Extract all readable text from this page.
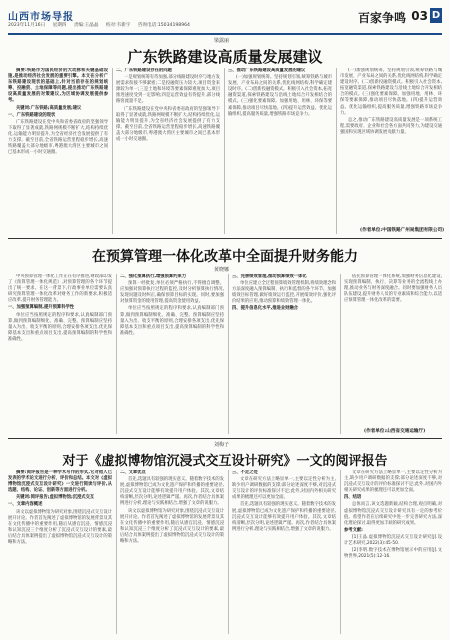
山西市场导报
2023年11月16日 星期四 责编:王晶晶 校对:韦新宇 咨询电话:15034198964
百家争鸣 03 D
梁露丽
广东铁路建设高质量发展建议

摘要:铁路作为国民经济的大动脉和关键基础设施,是推动经济社会发展的重要引擎。本文在分析广东铁路建设现状的基础上,针对当前存在的规划统筹、投融资、土地保障等问题,提出推动广东铁路建设高质量发展的对策建议,为区域协调发展提供参考。

关键词:广东铁路;高质量发展;建议

一、广东铁路建设的现状

广东铁路建设在党中央和省委省政府的坚强领导下取得了显著成就,铁路网规模不断扩大,结构持续优化,运输能力明显提升,为全省经济社会发展提供了有力支撑。截至目前,全省铁路运营里程稳步增长,高速铁路覆盖大部分地级市,粤港澳大湾区主要城市之间已基本形成一小时交通圈。

二、广东铁路建设存在的问题

一是规划统筹有待加强,部分线路建设时序与地方发展需求衔接不够紧密;二是投融资压力较大,项目资金来源较为单一;三是土地和环境等要素保障难度加大,项目推进速度受到一定影响;四是运营效益有待提升,部分线路客流量不足。

广东铁路建设在党中央和省委省政府的坚强领导下取得了显著成就,铁路网规模不断扩大,结构持续优化,运输能力明显提升,为全省经济社会发展提供了有力支撑。截至目前,全省铁路运营里程稳步增长,高速铁路覆盖大部分地级市,粤港澳大湾区主要城市之间已基本形成一小时交通圈。

三、推动广东铁路建设高质量发展的建议

(一)加强规划统筹。坚持规划引领,统筹铁路与城市发展、产业布局之间的关系,优化线网结构,科学确定建设时序。(二)创新投融资模式。积极引入社会资本,拓宽融资渠道,探索铁路建设与沿线土地综合开发相结合的模式。(三)强化要素保障。加强用地、用林、环保等要素保障,推动项目尽快落地。(四)提升运营效益。优化运输组织,提高服务质量,增强铁路市场竞争力。

(一)加强规划统筹。坚持规划引领,统筹铁路与城市发展、产业布局之间的关系,优化线网结构,科学确定建设时序。(二)创新投融资模式。积极引入社会资本,拓宽融资渠道,探索铁路建设与沿线土地综合开发相结合的模式。(三)强化要素保障。加强用地、用林、环保等要素保障,推动项目尽快落地。(四)提升运营效益。优化运输组织,提高服务质量,增强铁路市场竞争力。

总之,推动广东铁路建设高质量发展是一项系统工程,需要政府、企业和社会各方面共同努力,为建设交通强国和实现区域协调发展贡献力量。

(作者单位:中国铁路广州局集团有限公司)
在预算管理一体化改革中全面提升财务能力
黄晓娜

中央预算管理一体化工作正在有序推进,财政部印发了《预算管理一体化规范》,对预算管理的各个环节提出了统一要求。在这一背景下,行政事业单位需要认真研究预算管理一体化改革对财务工作的新要求,积极适应改革,提升财务管理能力。

一、加强预算编制,提升预算科学性

单位应当按照规定的程序和要求,认真编制部门预算,做到预算编制细化、准确、完整。预算编制应坚持量入为出、收支平衡的原则,合理安排各项支出,优先保障基本支出和重点项目支出,提高预算编制的科学性和准确性。

二、强化预算执行,增强预算约束力

预算一经批复,单位必须严格执行,不得擅自调整。应加强对预算执行过程的监控,及时分析预算执行情况,发现问题及时纠正,确保预算目标的实现。同时,要加强对预算资金的使用管理,提高资金使用效益。

单位应当按照规定的程序和要求,认真编制部门预算,做到预算编制细化、准确、完整。预算编制应坚持量入为出、收支平衡的原则,合理安排各项支出,优先保障基本支出和重点项目支出,提高预算编制的科学性和准确性。

三、完善绩效管理,推动预算绩效一体化

单位应建立全过程预算绩效管理机制,将绩效理念和方法深度融入预算编制、执行和监督的各个环节。加强绩效目标管理,做好绩效运行监控,开展绩效评价,强化评价结果的应用,推动预算和绩效管理一体化。

四、提升信息化水平,推进业财融合

依托预算管理一体化系统,加强财务信息化建设,实现预算编制、执行、决算等业务的全流程线上办理,推动业务与财务深度融合。同时要加强财务人员队伍建设,提升财务人员的专业素质和综合能力,以适应预算管理一体化改革的需要。

(作者单位:山西省交通运输厅)
刘梅子
对于《虚拟博物馆沉浸式交互设计研究》一文的阅评报告

摘要:阅评报告是一种学术写作的形式,它对他人已发表的学术论文进行分析、评价和总结。本文对《虚拟博物馆沉浸式交互设计研究》一文进行阅读与评价,从选题、结构、论证、创新等方面进行分析。

关键词:阅评报告;虚拟博物馆;沉浸式交互

一、文章内容概述

该文以虚拟博物馆为研究对象,围绕沉浸式交互设计展开讨论。作者首先阐述了虚拟博物馆的发展背景及其在文化传播中的重要作用,随后从感官沉浸、情感沉浸和认知沉浸三个维度分析了沉浸式交互设计的要素,最后结合具体案例提出了虚拟博物馆沉浸式交互设计的策略和方法。

二、文章优点

首先,选题具有较强的现实意义。随着数字技术的发展,虚拟博物馆已成为文化遗产保护和传播的重要途径,沉浸式交互设计能够有效提升用户体验。其次,文章结构清晰,层次分明,论述逻辑严谨。再次,作者结合具体案例进行分析,理论与实践相结合,增强了文章的说服力。

该文以虚拟博物馆为研究对象,围绕沉浸式交互设计展开讨论。作者首先阐述了虚拟博物馆的发展背景及其在文化传播中的重要作用,随后从感官沉浸、情感沉浸和认知沉浸三个维度分析了沉浸式交互设计的要素,最后结合具体案例提出了虚拟博物馆沉浸式交互设计的策略和方法。

三、不足之处

文章在研究方法上略显单一,主要以定性分析为主,缺少用户调研数据的支撑;部分论述深度不够,对沉浸式交互设计的评价标准探讨不足;此外,对国内外相关研究成果的梳理还可以更加全面。

首先,选题具有较强的现实意义。随着数字技术的发展,虚拟博物馆已成为文化遗产保护和传播的重要途径,沉浸式交互设计能够有效提升用户体验。其次,文章结构清晰,层次分明,论述逻辑严谨。再次,作者结合具体案例进行分析,理论与实践相结合,增强了文章的说服力。

文章在研究方法上略显单一,主要以定性分析为主,缺少用户调研数据的支撑;部分论述深度不够,对沉浸式交互设计的评价标准探讨不足;此外,对国内外相关研究成果的梳理还可以更加全面。

四、结语

总体而言,该文选题新颖,结构合理,观点明确,对虚拟博物馆沉浸式交互设计研究具有一定的参考价值。希望作者在后续研究中进一步完善研究方法,深化理论探讨,取得更加丰硕的研究成果。

参考文献:

[1]王晶.虚拟博物馆沉浸式交互设计研究[J].设计艺术研究,2022(3):45-50.

[2]李明.数字技术在博物馆展示中的应用[J].文物世界,2021(5):12-16.
